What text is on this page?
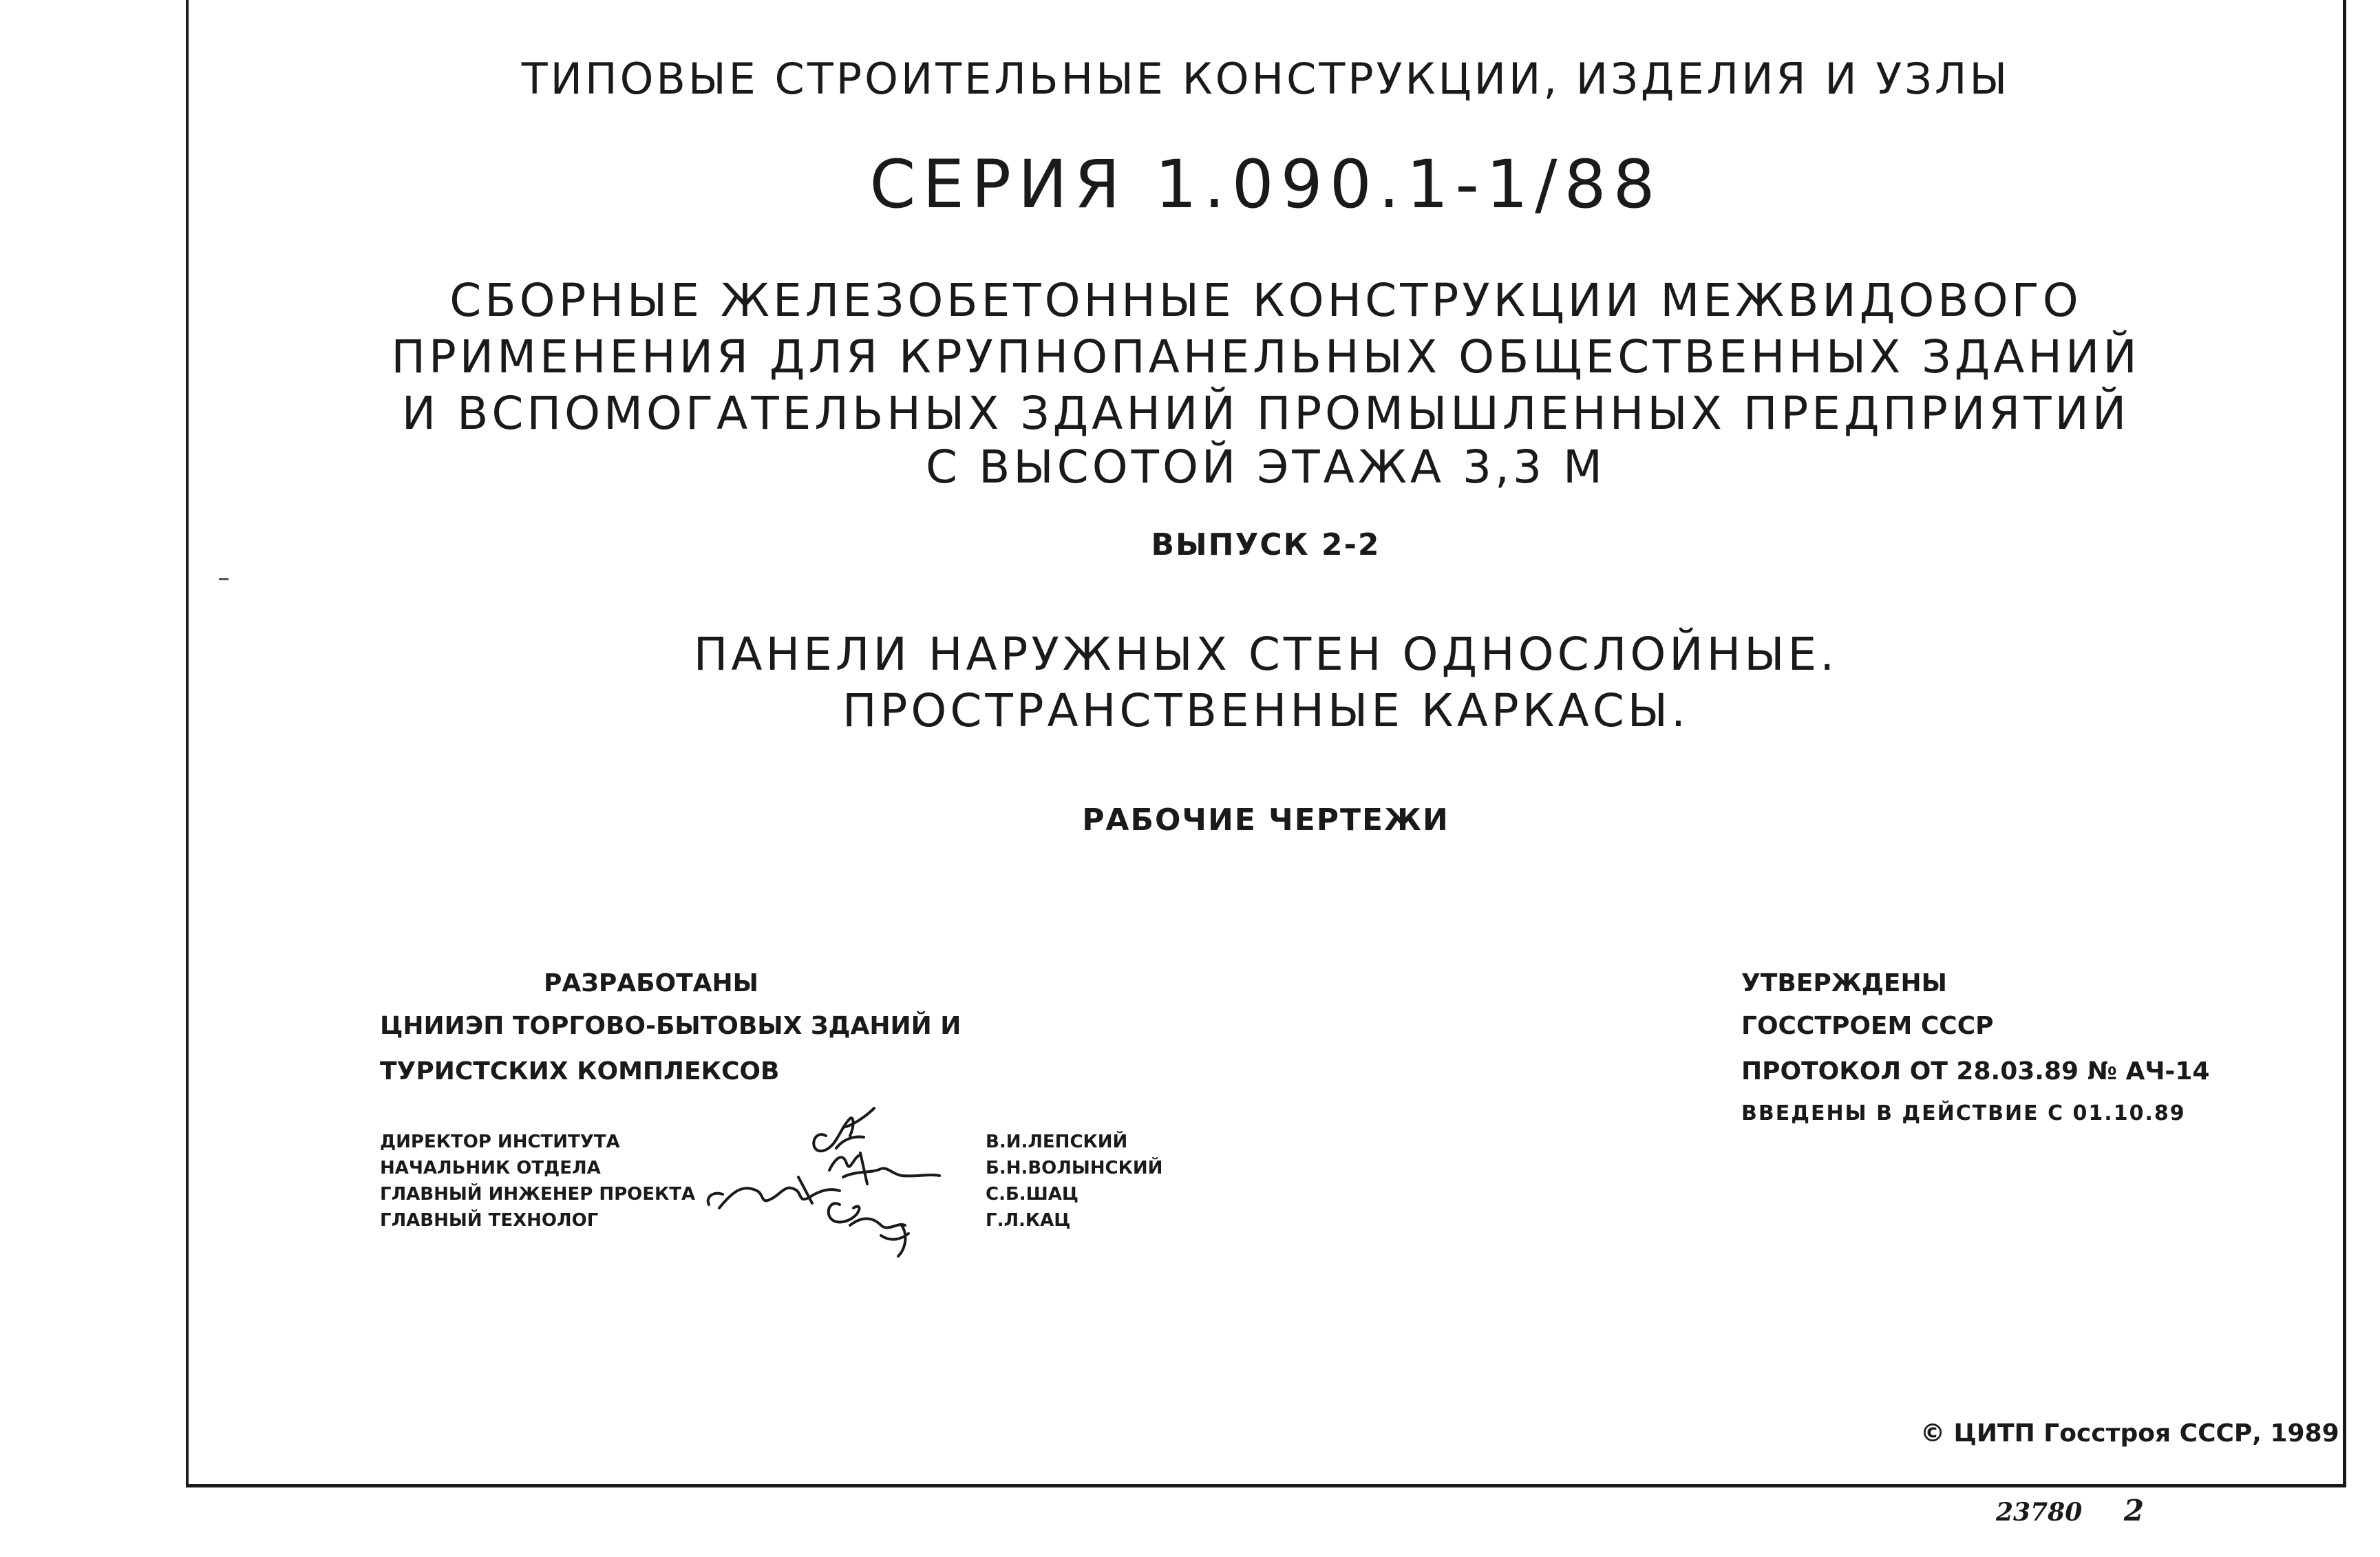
ТИПОВЫЕ СТРОИТЕЛЬНЫЕ КОНСТРУКЦИИ, ИЗДЕЛИЯ И УЗЛЫ
СЕРИЯ 1.090.1-1/88
СБОРНЫЕ ЖЕЛЕЗОБЕТОННЫЕ КОНСТРУКЦИИ МЕЖВИДОВОГО
ПРИМЕНЕНИЯ ДЛЯ КРУПНОПАНЕЛЬНЫХ ОБЩЕСТВЕННЫХ ЗДАНИЙ
И ВСПОМОГАТЕЛЬНЫХ ЗДАНИЙ ПРОМЫШЛЕННЫХ ПРЕДПРИЯТИЙ
С ВЫСОТОЙ ЭТАЖА 3,3 М
ВЫПУСК 2-2
ПАНЕЛИ НАРУЖНЫХ СТЕН ОДНОСЛОЙНЫЕ.
ПРОСТРАНСТВЕННЫЕ КАРКАСЫ.
РАБОЧИЕ ЧЕРТЕЖИ
РАЗРАБОТАНЫ
ЦНИИЭП ТОРГОВО-БЫТОВЫХ ЗДАНИЙ И
ТУРИСТСКИХ КОМПЛЕКСОВ
ДИРЕКТОР ИНСТИТУТА
НАЧАЛЬНИК ОТДЕЛА
ГЛАВНЫЙ ИНЖЕНЕР ПРОЕКТА
ГЛАВНЫЙ ТЕХНОЛОГ
В.И.ЛЕПСКИЙ
Б.Н.ВОЛЫНСКИЙ
С.Б.ШАЦ
Г.Л.КАЦ
УТВЕРЖДЕНЫ
ГОССТРОЕМ СССР
ПРОТОКОЛ ОТ 28.03.89 № АЧ-14
ВВЕДЕНЫ В ДЕЙСТВИЕ С 01.10.89
© ЦИТП Госстроя СССР, 1989
23780 2
